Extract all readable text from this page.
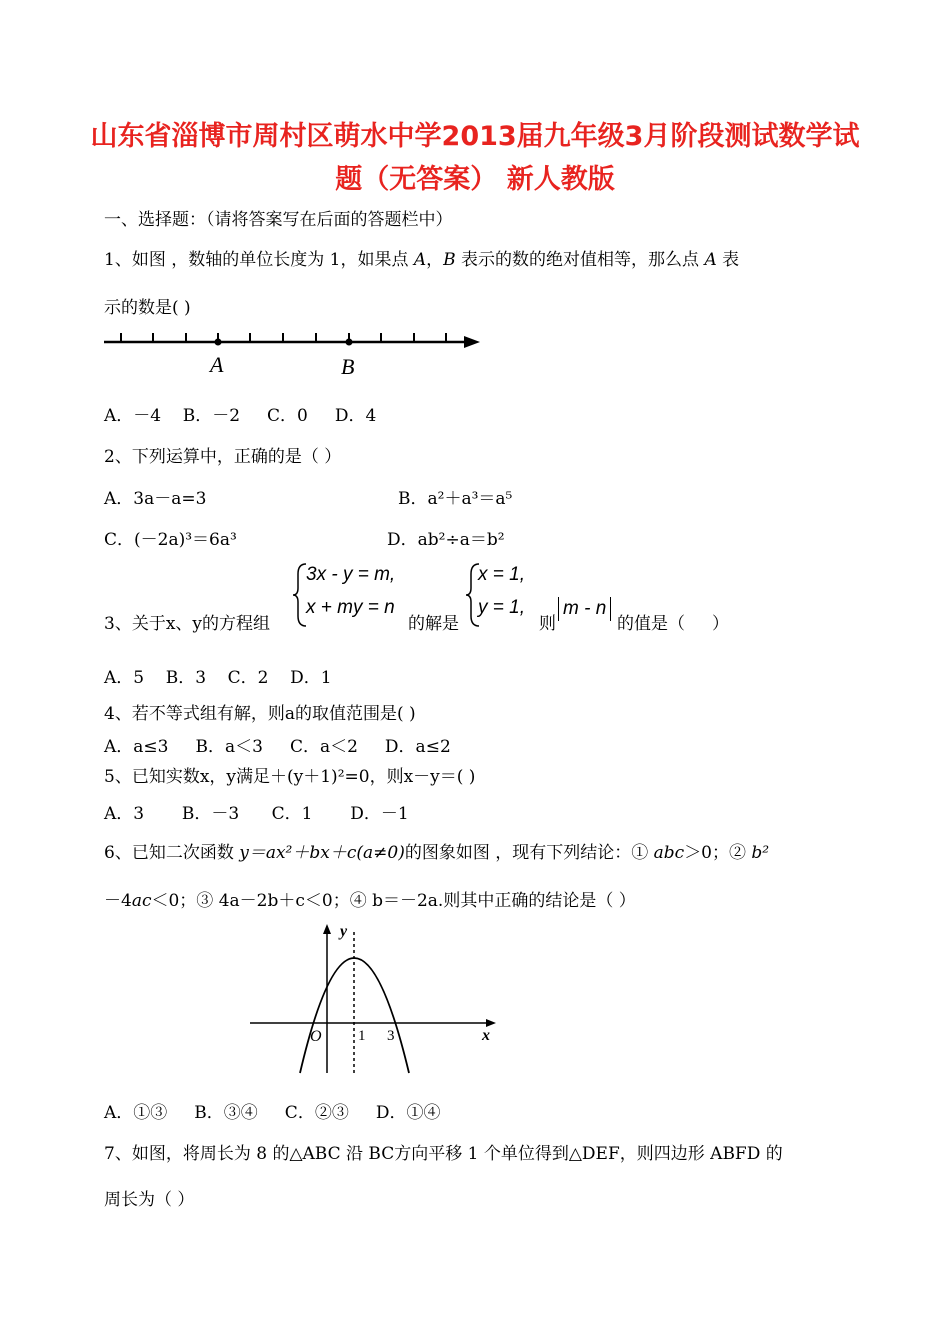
山东省淄博市周村区萌水中学2013届九年级3月阶段测试数学试
题（无答案） 新人教版
一、选择题：（请将答案写在后面的答题栏中）
1、如图 ，数轴的单位长度为 1，如果点 A，B 表示的数的绝对值相等，那么点 A 表
示的数是( )
A	B
A．－4    B．－2     C．0     D．4
2、下列运算中，正确的是（ ）
A．3a－a=3	B．a²＋a³＝a⁵
C．(－2a)³＝6a³	D．ab²÷a＝b²
3、关于x、y的方程组
3x - y = m,
x + my = n
的解是
x = 1,
y = 1,
则
m - n
的值是（     ）
A．5    B．3    C．2    D．1
4、若不等式组有解，则a的取值范围是( )
A．a≤3     B．a＜3     C．a＜2     D．a≤2
5、已知实数x，y满足＋(y＋1)²=0，则x－y＝( )
A．3       B．－3      C．1       D．－1
6、已知二次函数 y＝ax²＋bx＋c(a≠0)的图象如图 ，现有下列结论：① abc＞0；② b²
－4ac＜0；③ 4a－2b＋c＜0；④ b＝－2a.则其中正确的结论是（ ）
y
x
O 1 3
A．①③     B．③④     C．②③     D．①④
7、如图，将周长为 8 的△ABC 沿 BC方向平移 1 个单位得到△DEF，则四边形 ABFD 的
周长为（ ）
